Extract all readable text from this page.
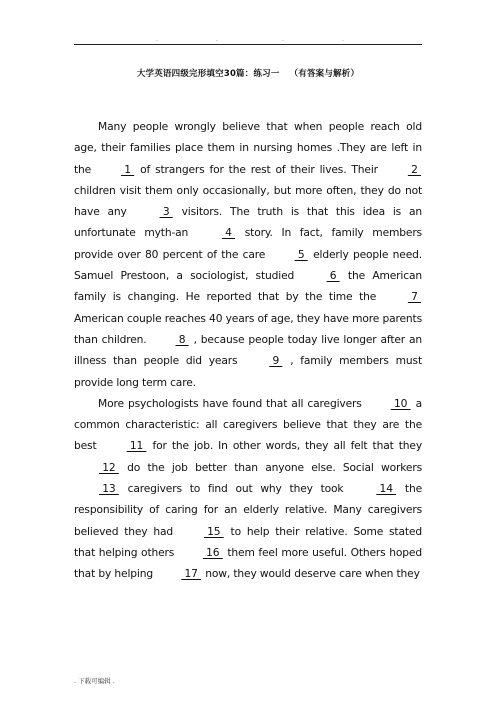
.	.	.	.
大学英语四级完形填空30篇：练习一 （有答案与解析）

Many people wrongly believe that when people reach old age, their families place them in nursing homes .They are left in the  1  of strangers for the rest of their lives. Their  2  children visit them only occasionally, but more often, they do not have any  3  visitors. The truth is that this idea is an unfortunate myth-an  4  story. In fact, family members provide over 80 percent of the care  5  elderly people need. Samuel Prestoon, a sociologist, studied  6  the American family is changing. He reported that by the time the  7  American couple reaches 40 years of age, they have more parents than children.  8  , because people today live longer after an illness than people did years  9  , family members must provide long term care.

More psychologists have found that all caregivers  10  a common characteristic: all caregivers believe that they are the best  11  for the job. In other words, they all felt that they  12  do the job better than anyone else. Social workers  13  caregivers to find out why they took  14  the responsibility of caring for an elderly relative. Many caregivers believed they had  15  to help their relative. Some stated that helping others  16  them feel more useful. Others hoped that by helping  17  now, they would deserve care when they

. 下载可编辑 .
